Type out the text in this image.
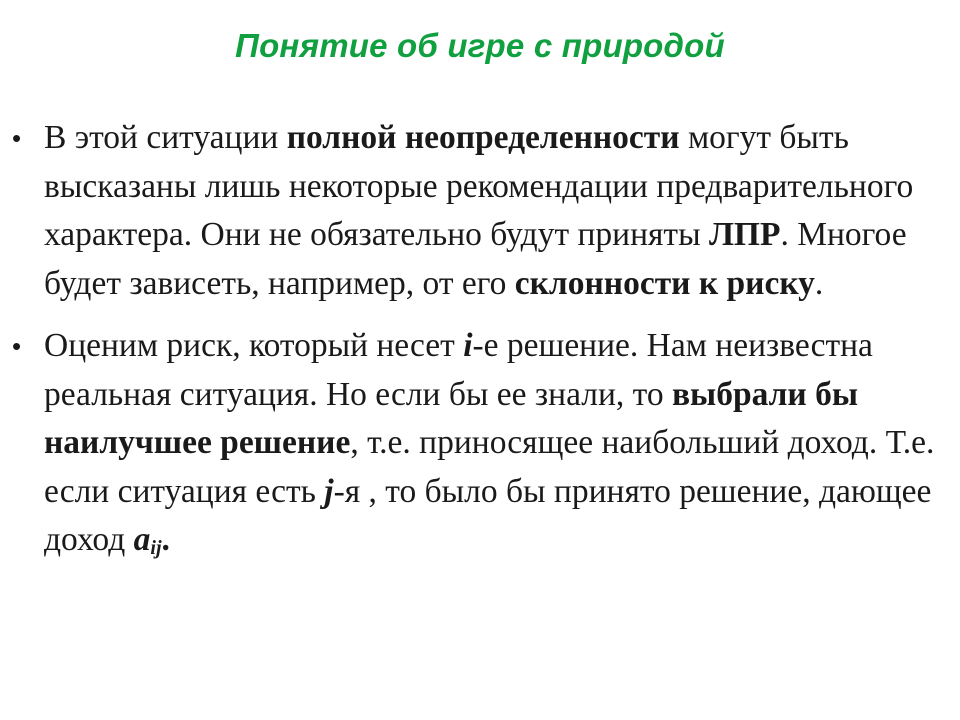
Понятие об игре с природой
• В этой ситуации полной неопределенности могут быть высказаны лишь некоторые рекомендации предварительного характера. Они не обязательно будут приняты ЛПР. Многое будет зависеть, например, от его склонности к риску.
• Оценим риск, который несет i-е решение. Нам неизвестна реальная ситуация. Но если бы ее знали, то выбрали бы наилучшее решение, т.е. приносящее наибольший доход. Т.е. если ситуация есть j-я , то было бы принято решение, дающее доход $a_{ij}$.
